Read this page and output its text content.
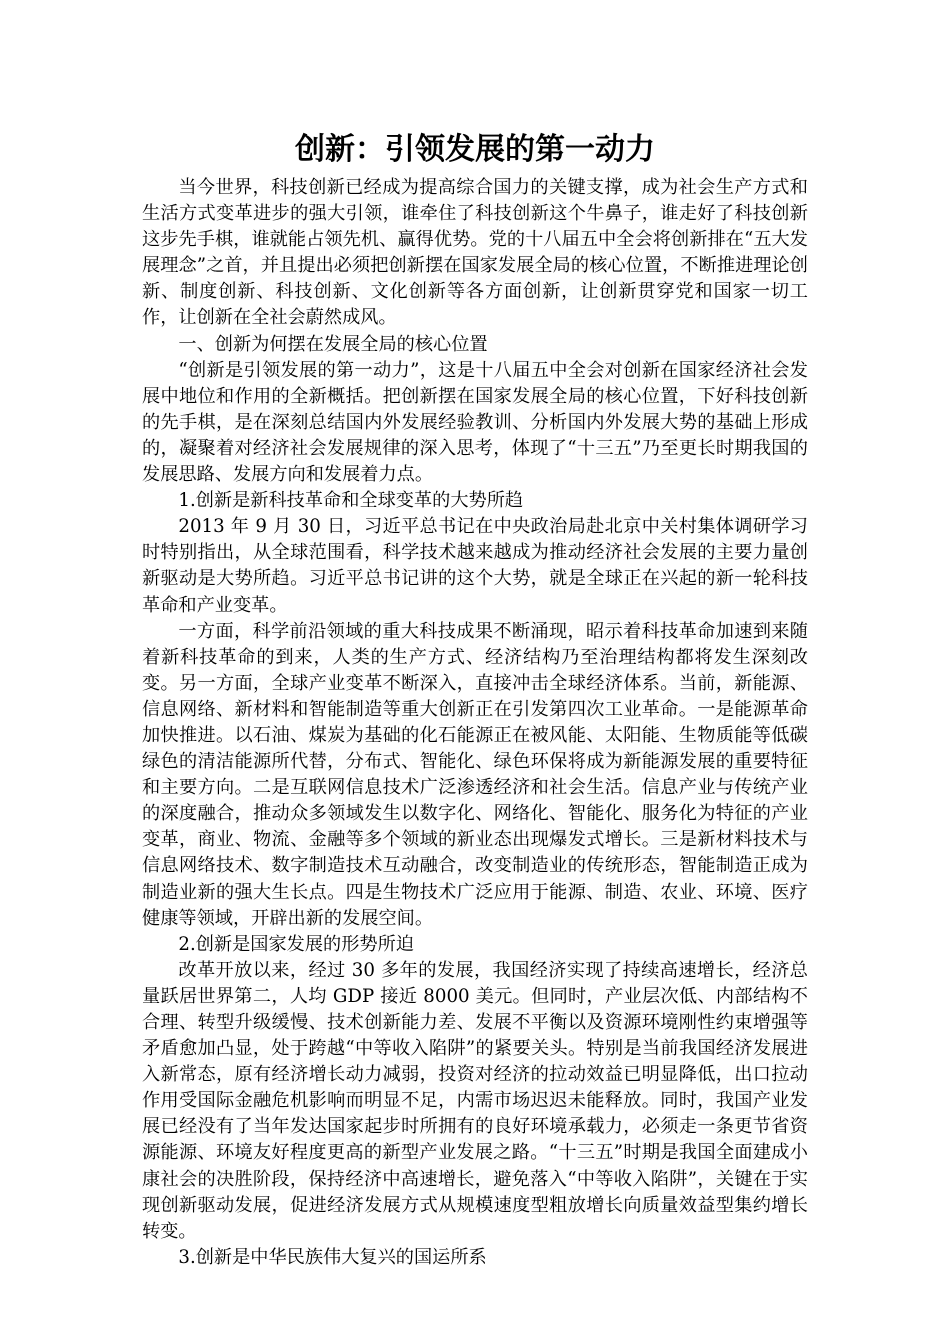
创新：引领发展的第一动力

当今世界，科技创新已经成为提高综合国力的关键支撑，成为社会生产方式和生活方式变革进步的强大引领，谁牵住了科技创新这个牛鼻子，谁走好了科技创新这步先手棋，谁就能占领先机、赢得优势。党的十八届五中全会将创新排在“五大发展理念”之首，并且提出必须把创新摆在国家发展全局的核心位置，不断推进理论创新、制度创新、科技创新、文化创新等各方面创新，让创新贯穿党和国家一切工作，让创新在全社会蔚然成风。

一、创新为何摆在发展全局的核心位置

“创新是引领发展的第一动力”，这是十八届五中全会对创新在国家经济社会发展中地位和作用的全新概括。把创新摆在国家发展全局的核心位置，下好科技创新的先手棋，是在深刻总结国内外发展经验教训、分析国内外发展大势的基础上形成的，凝聚着对经济社会发展规律的深入思考，体现了“十三五”乃至更长时期我国的发展思路、发展方向和发展着力点。

1.创新是新科技革命和全球变革的大势所趋

2013 年 9 月 30 日，习近平总书记在中央政治局赴北京中关村集体调研学习时特别指出，从全球范围看，科学技术越来越成为推动经济社会发展的主要力量创新驱动是大势所趋。习近平总书记讲的这个大势，就是全球正在兴起的新一轮科技革命和产业变革。

一方面，科学前沿领域的重大科技成果不断涌现，昭示着科技革命加速到来随着新科技革命的到来，人类的生产方式、经济结构乃至治理结构都将发生深刻改变。另一方面，全球产业变革不断深入，直接冲击全球经济体系。当前，新能源、信息网络、新材料和智能制造等重大创新正在引发第四次工业革命。一是能源革命加快推进。以石油、煤炭为基础的化石能源正在被风能、太阳能、生物质能等低碳绿色的清洁能源所代替，分布式、智能化、绿色环保将成为新能源发展的重要特征和主要方向。二是互联网信息技术广泛渗透经济和社会生活。信息产业与传统产业的深度融合，推动众多领域发生以数字化、网络化、智能化、服务化为特征的产业变革，商业、物流、金融等多个领域的新业态出现爆发式增长。三是新材料技术与信息网络技术、数字制造技术互动融合，改变制造业的传统形态，智能制造正成为制造业新的强大生长点。四是生物技术广泛应用于能源、制造、农业、环境、医疗健康等领域，开辟出新的发展空间。

2.创新是国家发展的形势所迫

改革开放以来，经过 30 多年的发展，我国经济实现了持续高速增长，经济总量跃居世界第二，人均 GDP 接近 8000 美元。但同时，产业层次低、内部结构不合理、转型升级缓慢、技术创新能力差、发展不平衡以及资源环境刚性约束增强等矛盾愈加凸显，处于跨越“中等收入陷阱”的紧要关头。特别是当前我国经济发展进入新常态，原有经济增长动力减弱，投资对经济的拉动效益已明显降低，出口拉动作用受国际金融危机影响而明显不足，内需市场迟迟未能释放。同时，我国产业发展已经没有了当年发达国家起步时所拥有的良好环境承载力，必须走一条更节省资源能源、环境友好程度更高的新型产业发展之路。“十三五”时期是我国全面建成小康社会的决胜阶段，保持经济中高速增长，避免落入“中等收入陷阱”，关键在于实现创新驱动发展，促进经济发展方式从规模速度型粗放增长向质量效益型集约增长转变。

3.创新是中华民族伟大复兴的国运所系
